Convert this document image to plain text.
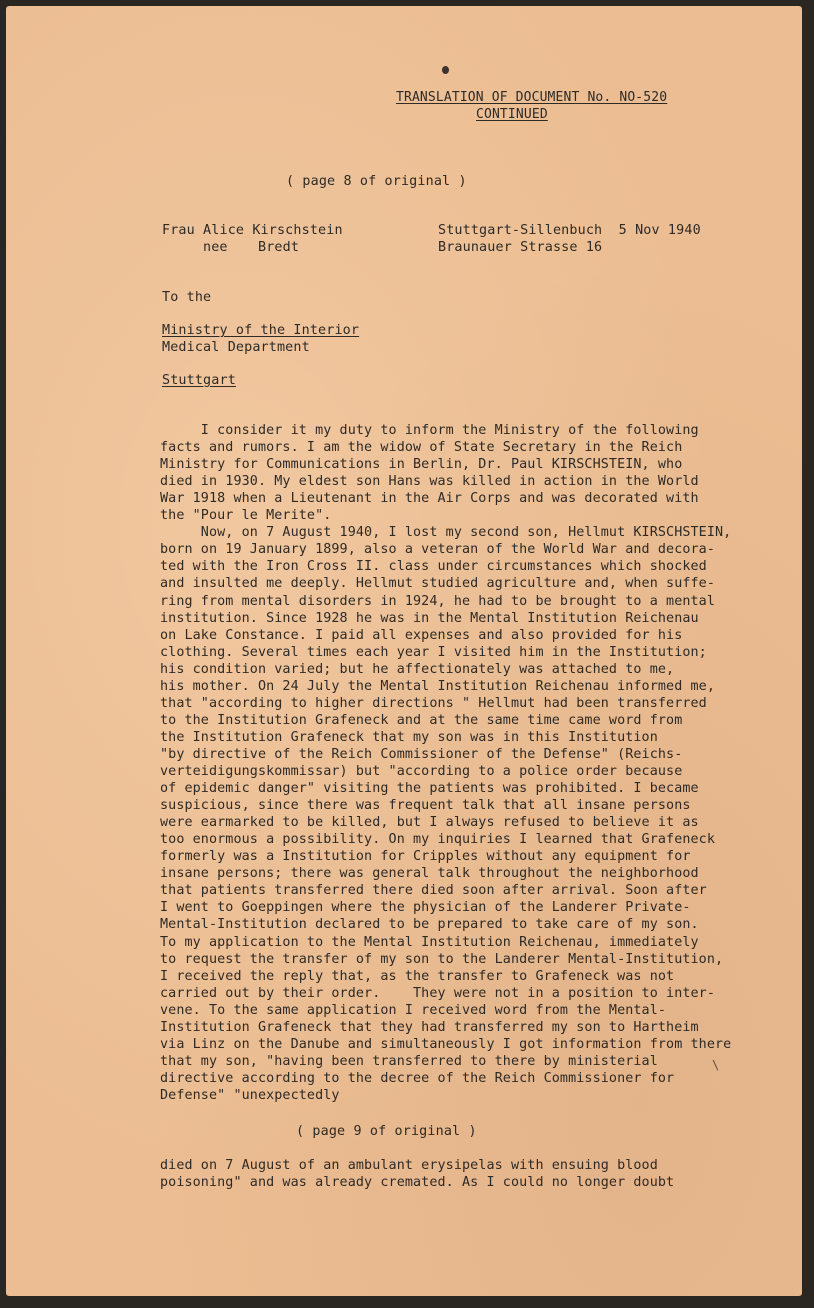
TRANSLATION OF DOCUMENT No. NO-520
CONTINUED
( page 8 of original )
Frau Alice Kirschstein
nee Bredt
Stuttgart-Sillenbuch  5 Nov 1940
Braunauer Strasse 16
To the
Ministry of the Interior
Medical Department
Stuttgart
I consider it my duty to inform the Ministry of the following
facts and rumors. I am the widow of State Secretary in the Reich
Ministry for Communications in Berlin, Dr. Paul KIRSCHSTEIN, who
died in 1930. My eldest son Hans was killed in action in the World
War 1918 when a Lieutenant in the Air Corps and was decorated with
the "Pour le Merite".
Now, on 7 August 1940, I lost my second son, Hellmut KIRSCHSTEIN,
born on 19 January 1899, also a veteran of the World War and decora-
ted with the Iron Cross II. class under circumstances which shocked
and insulted me deeply. Hellmut studied agriculture and, when suffe-
ring from mental disorders in 1924, he had to be brought to a mental
institution. Since 1928 he was in the Mental Institution Reichenau
on Lake Constance. I paid all expenses and also provided for his
clothing. Several times each year I visited him in the Institution;
his condition varied; but he affectionately was attached to me,
his mother. On 24 July the Mental Institution Reichenau informed me,
that "according to higher directions " Hellmut had been transferred
to the Institution Grafeneck and at the same time came word from
the Institution Grafeneck that my son was in this Institution
"by directive of the Reich Commissioner of the Defense" (Reichs-
verteidigungskommissar) but "according to a police order because
of epidemic danger" visiting the patients was prohibited. I became
suspicious, since there was frequent talk that all insane persons
were earmarked to be killed, but I always refused to believe it as
too enormous a possibility. On my inquiries I learned that Grafeneck
formerly was a Institution for Cripples without any equipment for
insane persons; there was general talk throughout the neighborhood
that patients transferred there died soon after arrival. Soon after
I went to Goeppingen where the physician of the Landerer Private-
Mental-Institution declared to be prepared to take care of my son.
To my application to the Mental Institution Reichenau, immediately
to request the transfer of my son to the Landerer Mental-Institution,
I received the reply that, as the transfer to Grafeneck was not
carried out by their order.    They were not in a position to inter-
vene. To the same application I received word from the Mental-
Institution Grafeneck that they had transferred my son to Hartheim
via Linz on the Danube and simultaneously I got information from there
that my son, "having been transferred to there by ministerial
directive according to the decree of the Reich Commissioner for
Defense" "unexpectedly
( page 9 of original )
died on 7 August of an ambulant erysipelas with ensuing blood
poisoning" and was already cremated. As I could no longer doubt
\
